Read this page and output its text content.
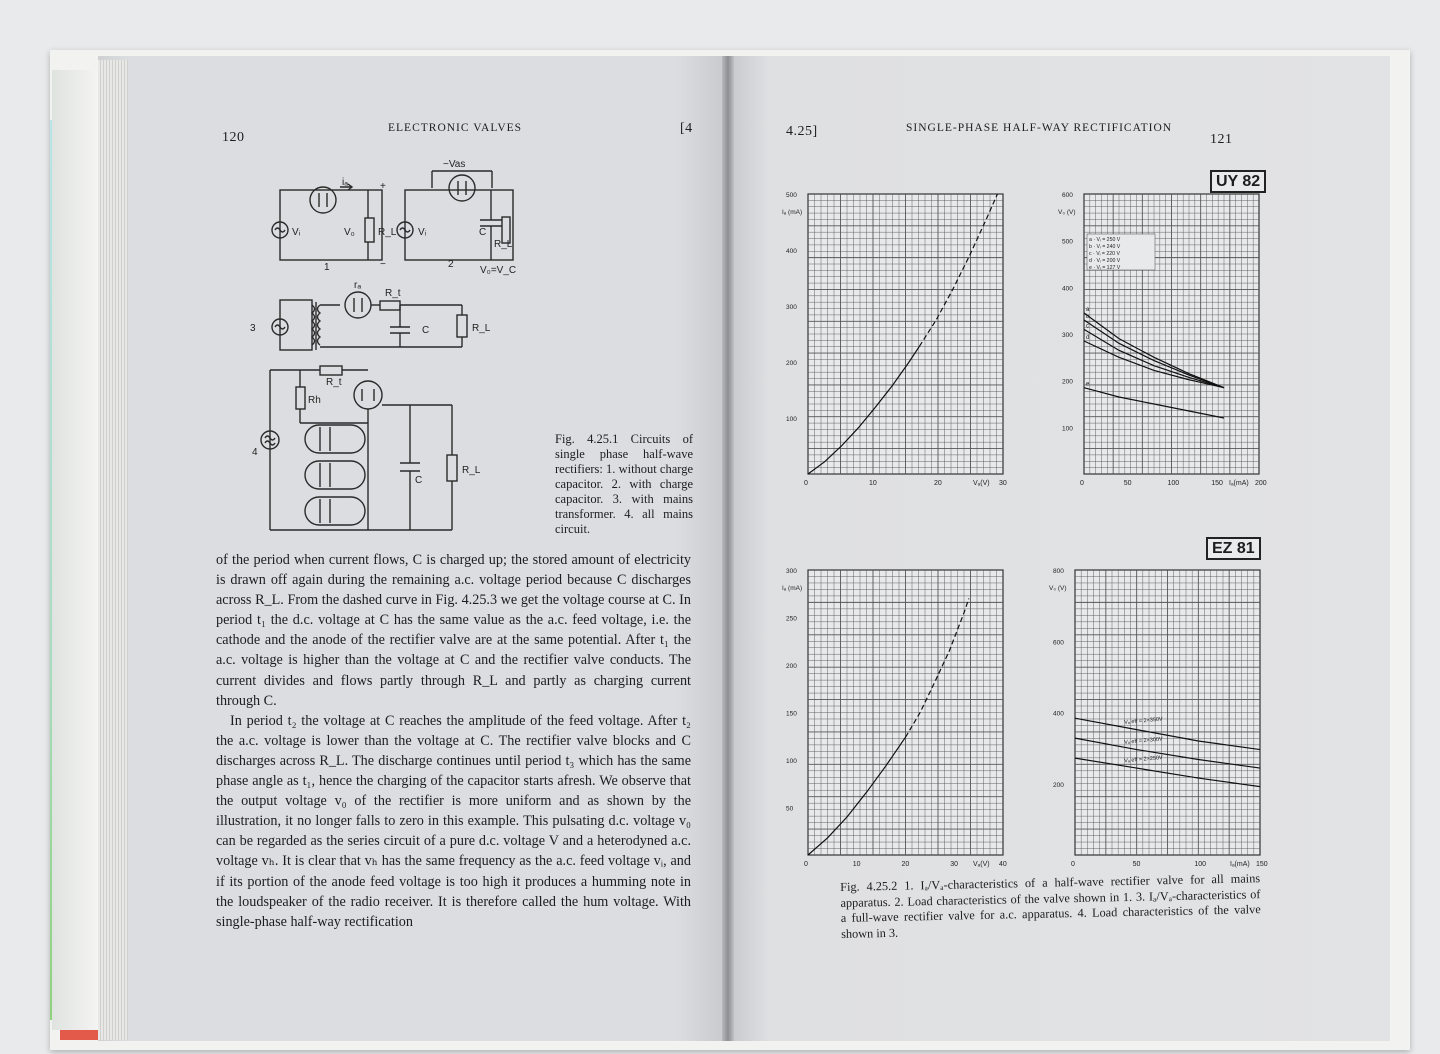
120
ELECTRONIC VALVES	[4
iₐ
Vᵢ	V₀ R_L
1
+
−
−Vas
Vᵢ	C
R_L
2
V₀=V_C
3
rₐ
R_t
C	R_L
4
R_t
Rh
C
R_L
Fig. 4.25.1 Circuits of single phase half-wave rectifiers: 1. without charge capacitor. 2. with charge capacitor. 3. with mains transformer. 4. all mains circuit.

of the period when current flows, C is charged up; the stored amount of electricity is drawn off again during the remaining a.c. voltage period because C discharges across R_L. From the dashed curve in Fig. 4.25.3 we get the voltage course at C. In period t₁ the d.c. voltage at C has the same value as the a.c. feed voltage, i.e. the cathode and the anode of the rectifier valve are at the same potential. After t₁ the a.c. voltage is higher than the voltage at C and the rectifier valve conducts. The current divides and flows partly through R_L and partly as charging current through C.

In period t₂ the voltage at C reaches the amplitude of the feed voltage. After t₂ the a.c. voltage is lower than the voltage at C. The rectifier valve blocks and C discharges across R_L. The discharge continues until period t₃ which has the same phase angle as t₁, hence the charging of the capacitor starts afresh. We observe that the output voltage v₀ of the rectifier is more uniform and as shown by the illustration, it no longer falls to zero in this example. This pulsating d.c. voltage v₀ can be regarded as the series circuit of a pure d.c. voltage V and a heterodyned a.c. voltage vₕ. It is clear that vₕ has the same frequency as the a.c. feed voltage vᵢ, and if its portion of the anode feed voltage is too high it produces a humming note in the loudspeaker of the radio receiver. It is therefore called the hum voltage. With single-phase half-way rectification

4.25]	SINGLE-PHASE HALF-WAY RECTIFICATION
121
UY 82
EZ 81
0	10	20	30
Vₐ(V)
100
200
300
400
500
Iₐ (mA)
0	50	100	150	200
Iₐ(mA)
100
200
300
400
500
600
V₀ (V)
a
b
c
d
e
a · Vᵢ = 250 V
b · Vᵢ = 240 V
c · Vᵢ = 220 V
d · Vᵢ = 200 V
e · Vᵢ = 127 V
0	10	20	30	40
Vₐ(V)
50
100
150
200
250
300
Iₐ (mA)
0	50	100	150
Iₐ(mA)
200
400
600
800
V₀ (V)
Vₐ eff = 2×350V
Vₐ eff = 2×300V
Vₐ eff = 2×250V
Fig. 4.25.2 1. Iₐ/Vₐ-characteristics of a half-wave rectifier valve for all mains apparatus. 2. Load characteristics of the valve shown in 1. 3. Iₐ/Vₐ-characteristics of a full-wave rectifier valve for a.c. apparatus. 4. Load characteristics of the valve shown in 3.
